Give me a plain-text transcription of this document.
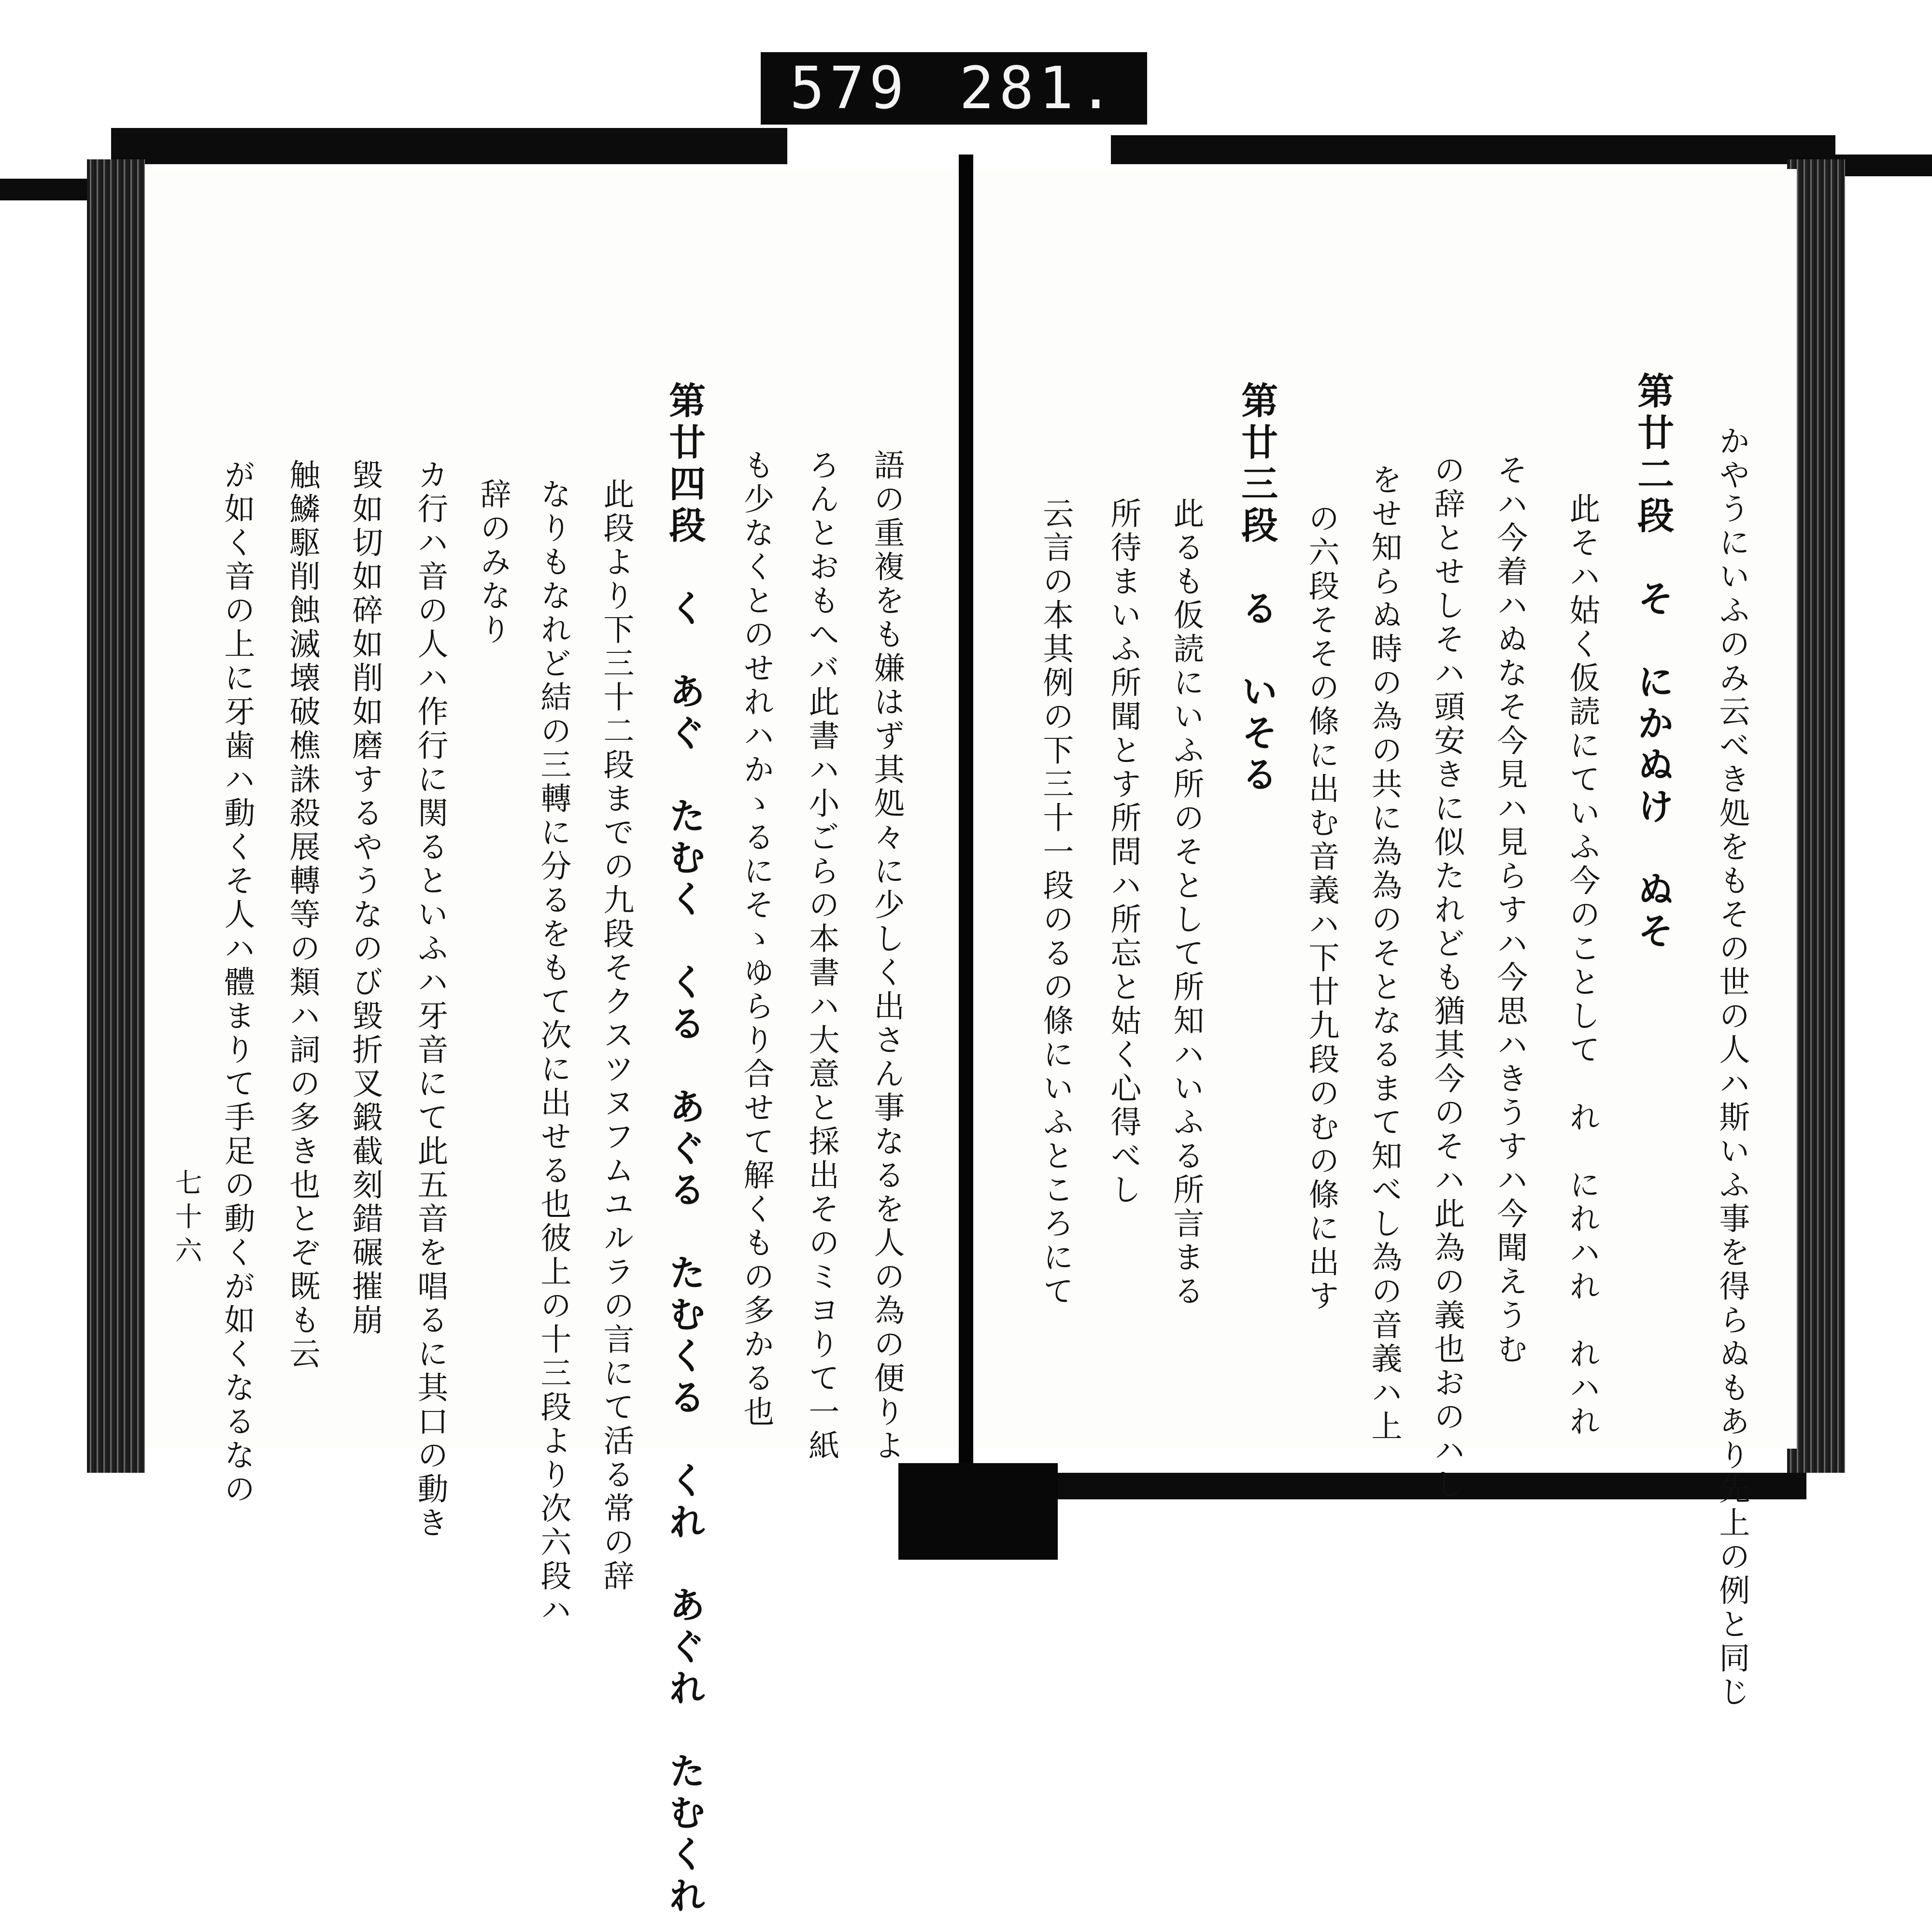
579 281.
かやうにいふのみ云べき処をもその世の人ハ斯いふ事を得らぬもあり先上の例と同じ
第廿二段　そ　にかぬけ　ぬそ
此そハ姑く仮読にていふ今のことして　れ　にれハれ　れハれ
そハ今着ハぬなそ今見ハ見らすハ今思ハきうすハ今聞えうむ
の辞とせしそハ頭安きに似たれども猶其今のそハ此為の義也おのハし
をせ知らぬ時の為の共に為為のそとなるまて知べし為の音義ハ上
の六段そその條に出む音義ハ下廿九段のむの條に出す
第廿三段　る　いそる
此るも仮読にいふ所のそとして所知ハいふる所言まる
所待まいふ所聞とす所問ハ所忘と姑く心得べし
云言の本其例の下三十一段のるの條にいふところにて
語の重複をも嫌はず其処々に少しく出さん事なるを人の為の便りよ
ろんとおもへバ此書ハ小ごらの本書ハ大意と採出そのミヨりて一紙
も少なくとのせれハかゝるにそゝゆらり合せて解くもの多かる也
第廿四段　く　あぐ　たむく　くる　あぐる　たむくる　くれ　あぐれ　たむくれ
此段より下三十二段までの九段そクスツヌフムユルラの言にて活る常の辞
なりもなれど結の三轉に分るをもて次に出せる也彼上の十三段より次六段ハ
辞のみなり
カ行ハ音の人ハ作行に関るといふハ牙音にて此五音を唱るに其口の動き
毀如切如碎如削如磨するやうなのび毀折叉鍛截刻錯碾摧崩
触鱗駆削蝕滅壊破樵誅殺展轉等の類ハ詞の多き也とぞ既も云
が如く音の上に牙歯ハ動くそ人ハ體まりて手足の動くが如くなるなの
七十六
